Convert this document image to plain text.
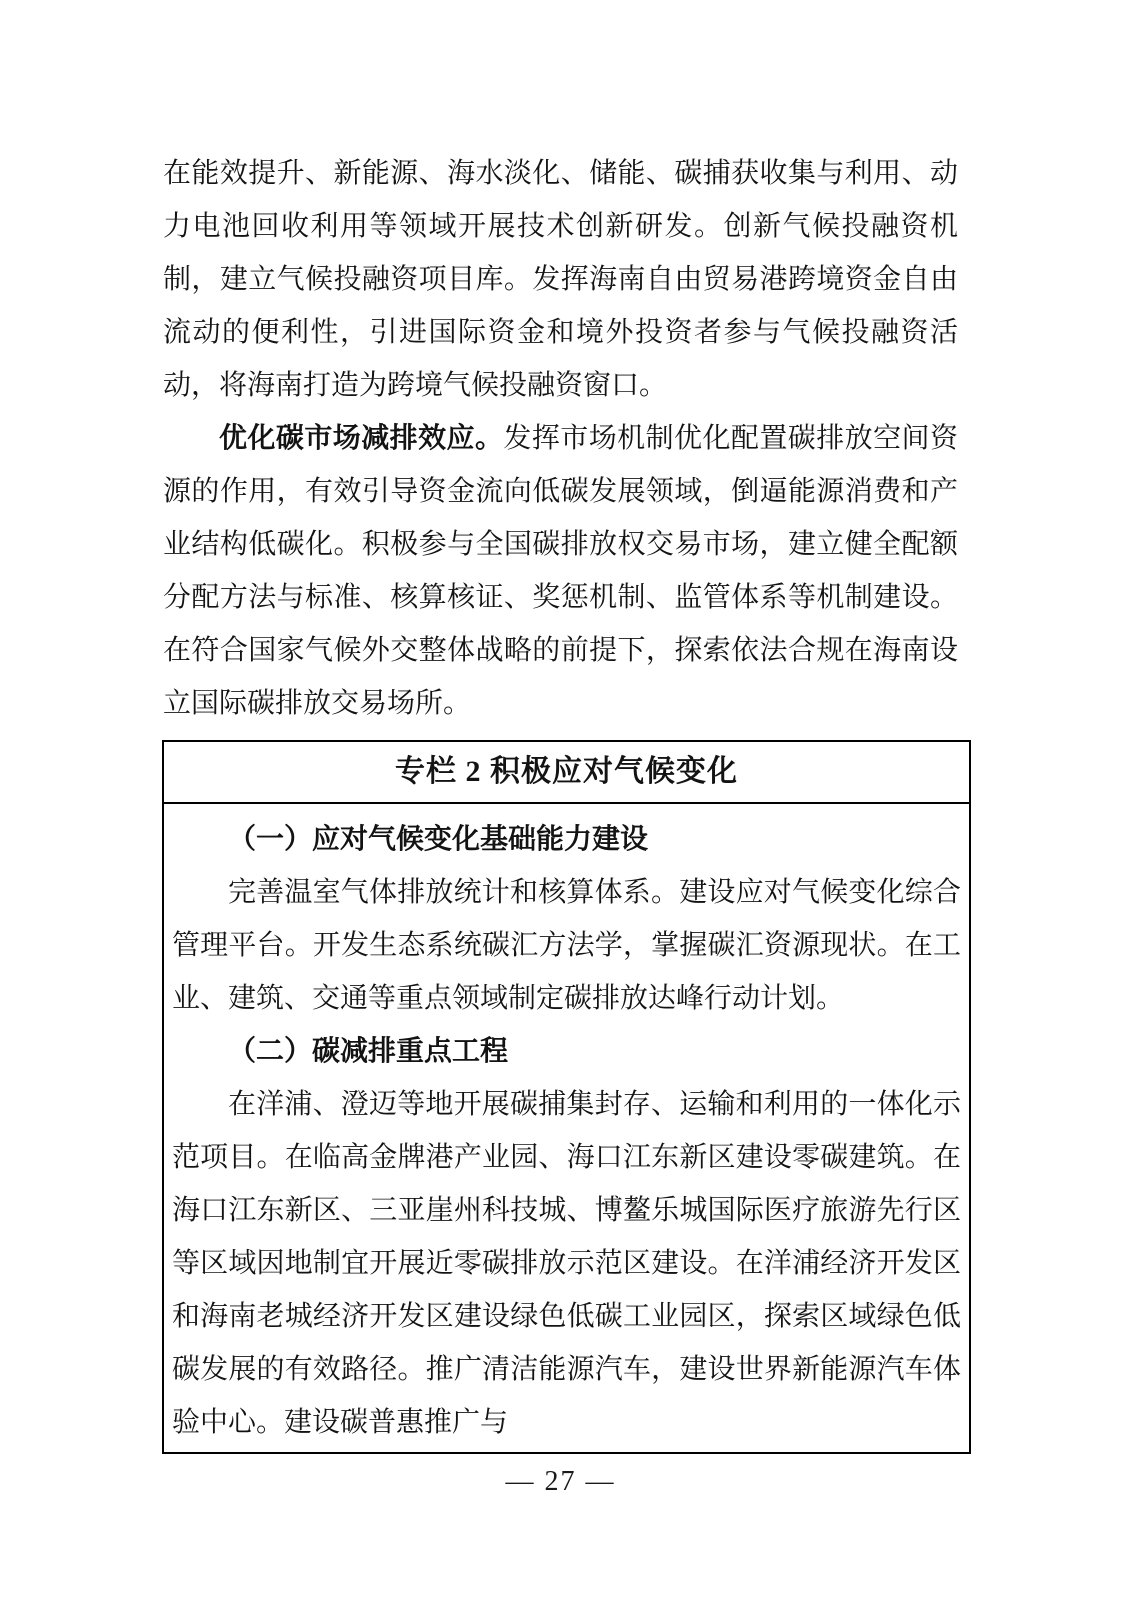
在能效提升、新能源、海水淡化、储能、碳捕获收集与利用、动力电池回收利用等领域开展技术创新研发。创新气候投融资机制，建立气候投融资项目库。发挥海南自由贸易港跨境资金自由流动的便利性，引进国际资金和境外投资者参与气候投融资活动，将海南打造为跨境气候投融资窗口。

优化碳市场减排效应。发挥市场机制优化配置碳排放空间资源的作用，有效引导资金流向低碳发展领域，倒逼能源消费和产业结构低碳化。积极参与全国碳排放权交易市场，建立健全配额分配方法与标准、核算核证、奖惩机制、监管体系等机制建设。在符合国家气候外交整体战略的前提下，探索依法合规在海南设立国际碳排放交易场所。

专栏 2 积极应对气候变化

（一）应对气候变化基础能力建设

完善温室气体排放统计和核算体系。建设应对气候变化综合管理平台。开发生态系统碳汇方法学，掌握碳汇资源现状。在工业、建筑、交通等重点领域制定碳排放达峰行动计划。

（二）碳减排重点工程

在洋浦、澄迈等地开展碳捕集封存、运输和利用的一体化示范项目。在临高金牌港产业园、海口江东新区建设零碳建筑。在海口江东新区、三亚崖州科技城、博鳌乐城国际医疗旅游先行区等区域因地制宜开展近零碳排放示范区建设。在洋浦经济开发区和海南老城经济开发区建设绿色低碳工业园区，探索区域绿色低碳发展的有效路径。推广清洁能源汽车，建设世界新能源汽车体验中心。建设碳普惠推广与

— 27 —
